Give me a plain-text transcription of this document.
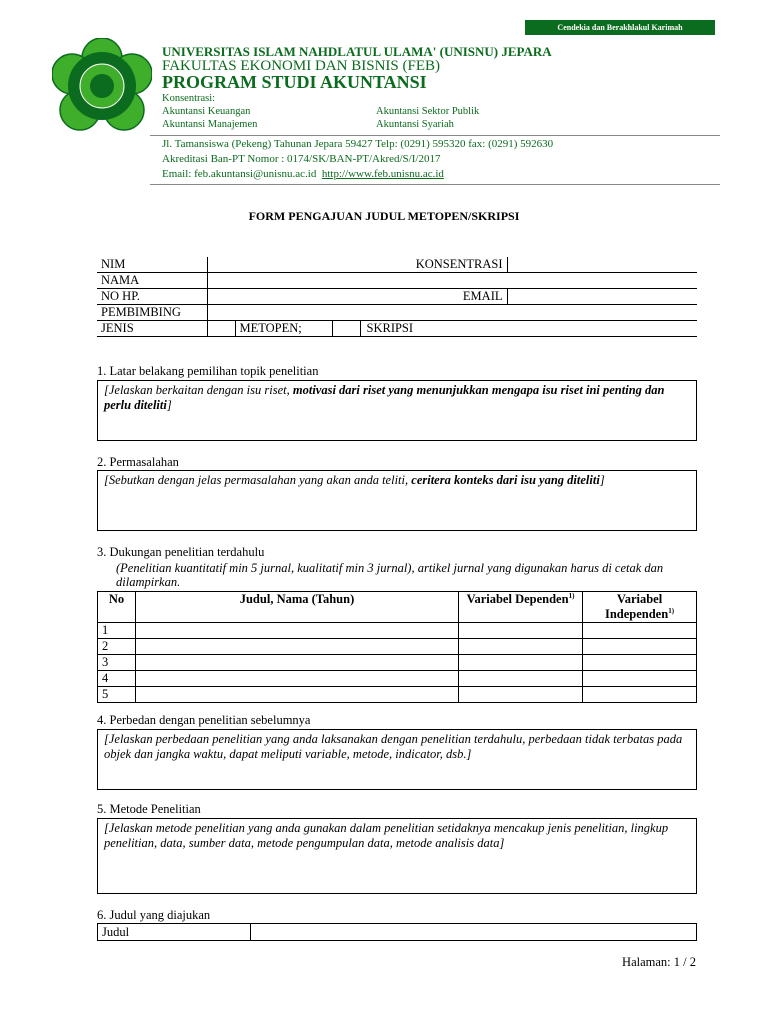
Cendekia dan Berakhlakul Karimah
UNIVERSITAS ISLAM NAHDLATUL ULAMA' (UNISNU) JEPARA
FAKULTAS EKONOMI DAN BISNIS (FEB)
PROGRAM STUDI AKUNTANSI
Konsentrasi:
Akuntansi Keuangan	Akuntansi Sektor Publik
Akuntansi Manajemen	Akuntansi Syariah
Jl. Tamansiswa (Pekeng) Tahunan Jepara 59427 Telp: (0291) 595320 fax: (0291) 592630
Akreditasi Ban-PT Nomor : 0174/SK/BAN-PT/Akred/S/I/2017
Email: feb.akuntansi@unisnu.ac.id http://www.feb.unisnu.ac.id
FORM PENGAJUAN JUDUL METOPEN/SKRIPSI
NIM	KONSENTRASI	
NAMA		
NO HP.	EMAIL	
PEMBIMBING		
JENIS	METOPEN; SKRIPSI	
1. Latar belakang pemilihan topik penelitian
[Jelaskan berkaitan dengan isu riset, motivasi dari riset yang menunjukkan mengapa isu riset ini penting dan perlu diteliti]
2. Permasalahan
[Sebutkan dengan jelas permasalahan yang akan anda teliti, ceritera konteks dari isu yang diteliti]
3. Dukungan penelitian terdahulu
(Penelitian kuantitatif min 5 jurnal, kualitatif min 3 jurnal), artikel jurnal yang digunakan harus di cetak dan dilampirkan.
No	Judul, Nama (Tahun)	Variabel Dependen$^{1)}$	Variabel Independen$^{1)}$
1			
2			
3			
4			
5			
4. Perbedan dengan penelitian sebelumnya
[Jelaskan perbedaan penelitian yang anda laksanakan dengan penelitian terdahulu, perbedaan tidak terbatas pada objek dan jangka waktu, dapat meliputi variable, metode, indicator, dsb.]
5. Metode Penelitian
[Jelaskan metode penelitian yang anda gunakan dalam penelitian setidaknya mencakup jenis penelitian, lingkup penelitian, data, sumber data, metode pengumpulan data, metode analisis data]
6. Judul yang diajukan
Judul	
Halaman: 1 / 2
